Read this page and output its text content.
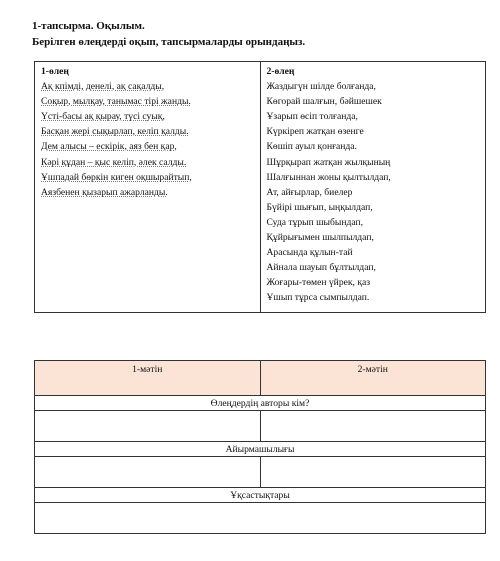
1-тапсырма. Оқылым.
Берілген өлеңдерді оқып, тапсырмаларды орындаңыз.
1-өлең
Ақ кпімді, денелі, ақ сақалды,
Соқыр, мылқау, танымас тірі жанды.
Үсті-басы ақ қырау, түсі суық,
Басқан жері сықырлап, келіп қалды.
Дем алысы – ескірік, аяз бен қар,
Кәрі құдан – қыс келіп, әлек салды.
Ұшпадай бөркін киген оқшырайтып,
Аязбенен қызарып ажарланды.

2-өлең
Жаздыгүн шілде болғанда,
Көгорай шалғын, бәйшешек
Ұзарып өсіп толғанда,
Күркіреп жатқан өзенге
Көшіп ауыл қонғанда.
Шұрқырап жатқан жылқының
Шалғыннан жоны қылтылдап,
Ат, айғырлар, биелер
Бүйірі шығып, ыңқылдап,
Суда тұрып шыбындап,
Құйрығымен шылпылдап,
Арасында құлын-тай
Айнала шауып бұлтылдап,
Жоғары-төмен үйрек, қаз
Ұшып тұрса сымпылдап.
1-мәтін	2-мәтін
Өлеңдердің авторы кім?	

Айырмашылығы	

Ұқсастықтары	
